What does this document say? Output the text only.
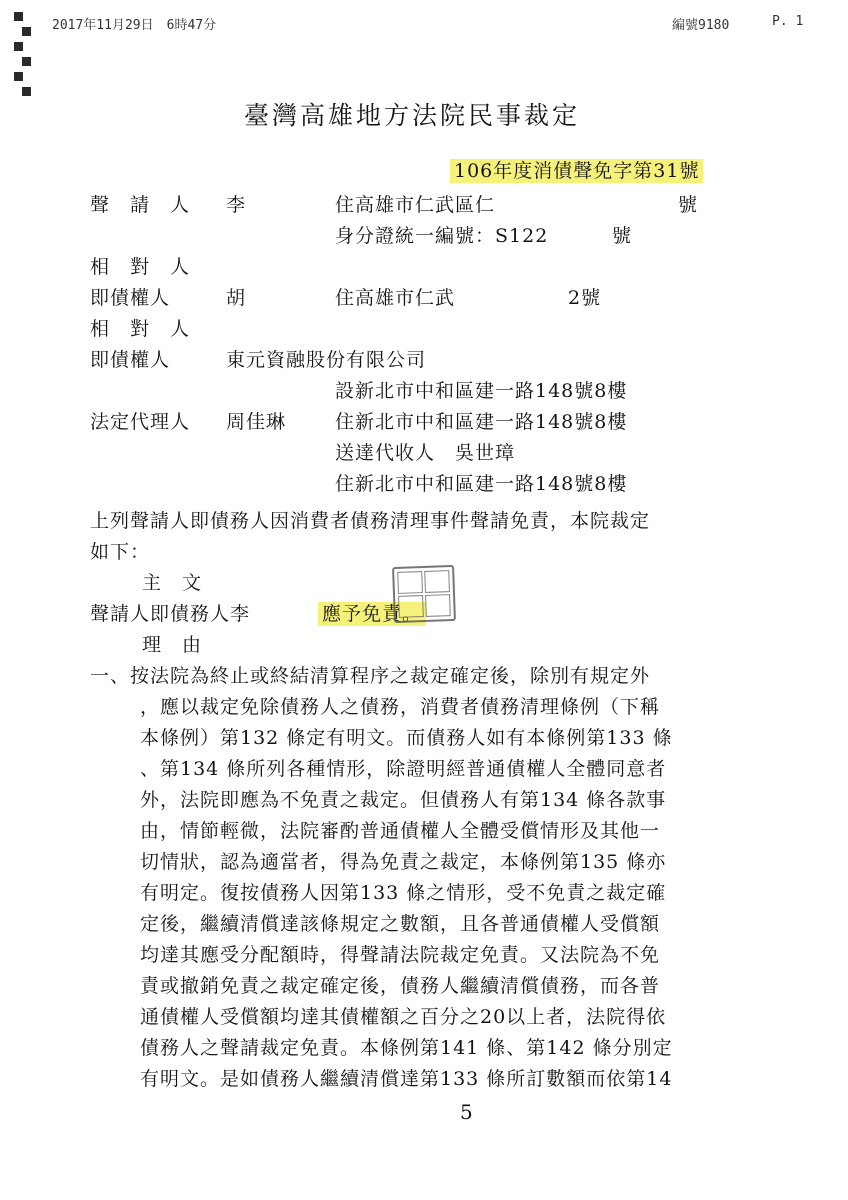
2017年11月29日　6時47分	編號9180	P. 1
臺灣高雄地方法院民事裁定
106年度消債聲免字第31號
聲　請　人 李	住高雄市仁武區仁	號
身分證統一編號：S122	號
相　對　人
即債權人	胡	住高雄市仁武	2號
相　對　人
即債權人	東元資融股份有限公司
設新北市中和區建一路148號8樓
法定代理人 周佳琳	住新北市中和區建一路148號8樓
送達代收人　吳世璋
住新北市中和區建一路148號8樓
上列聲請人即債務人因消費者債務清理事件聲請免責，本院裁定
如下：
主　文
聲請人即債務人李	應予免責。
理　由
一、按法院為終止或終結清算程序之裁定確定後，除別有規定外
，應以裁定免除債務人之債務，消費者債務清理條例（下稱
本條例）第132 條定有明文。而債務人如有本條例第133 條
、第134 條所列各種情形，除證明經普通債權人全體同意者
外，法院即應為不免責之裁定。但債務人有第134 條各款事
由，情節輕微，法院審酌普通債權人全體受償情形及其他一
切情狀，認為適當者，得為免責之裁定，本條例第135 條亦
有明定。復按債務人因第133 條之情形，受不免責之裁定確
定後，繼續清償達該條規定之數額，且各普通債權人受償額
均達其應受分配額時，得聲請法院裁定免責。又法院為不免
責或撤銷免責之裁定確定後，債務人繼續清償債務，而各普
通債權人受償額均達其債權額之百分之20以上者，法院得依
債務人之聲請裁定免責。本條例第141 條、第142 條分別定
有明文。是如債務人繼續清償達第133 條所訂數額而依第14
5
